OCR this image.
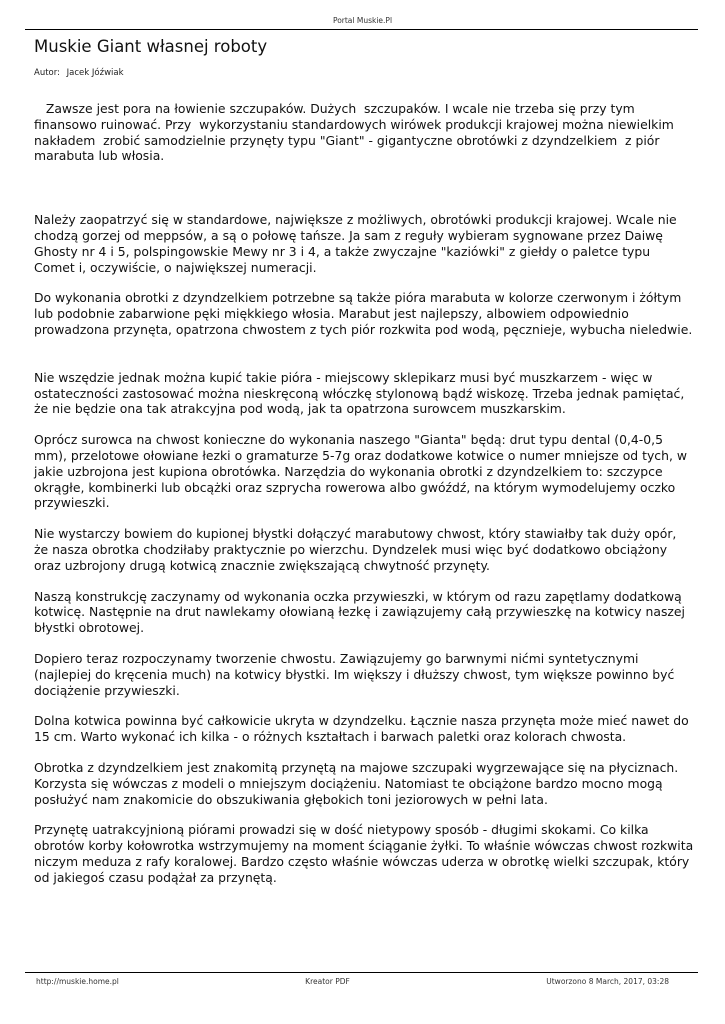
Portal Muskie.Pl
Muskie Giant własnej roboty
Autor: Jacek Jóźwiak

Zawsze jest pora na łowienie szczupaków. Dużych  szczupaków. I wcale nie trzeba się przy tym finansowo ruinować. Przy  wykorzystaniu standardowych wirówek produkcji krajowej można niewielkim nakładem  zrobić samodzielnie przynęty typu "Giant" - gigantyczne obrotówki z dzyndzelkiem  z piór marabuta lub włosia.

Należy zaopatrzyć się w standardowe, największe z możliwych, obrotówki produkcji krajowej. Wcale nie chodzą gorzej od meppsów, a są o połowę tańsze. Ja sam z reguły wybieram sygnowane przez Daiwę Ghosty nr 4 i 5, polspingowskie Mewy nr 3 i 4, a także zwyczajne "kaziówki" z giełdy o paletce typu Comet i, oczywiście, o największej numeracji.

Do wykonania obrotki z dzyndzelkiem potrzebne są także pióra marabuta w kolorze czerwonym i żółtym lub podobnie zabarwione pęki miękkiego włosia. Marabut jest najlepszy, albowiem odpowiednio prowadzona przynęta, opatrzona chwostem z tych piór rozkwita pod wodą, pęcznieje, wybucha nieledwie.

Nie wszędzie jednak można kupić takie pióra - miejscowy sklepikarz musi być muszkarzem - więc w ostateczności zastosować można nieskręconą włóczkę stylonową bądź wiskozę. Trzeba jednak pamiętać, że nie będzie ona tak atrakcyjna pod wodą, jak ta opatrzona surowcem muszkarskim.

Oprócz surowca na chwost konieczne do wykonania naszego "Gianta" będą: drut typu dental (0,4-0,5 mm), przelotowe ołowiane łezki o gramaturze 5-7g oraz dodatkowe kotwice o numer mniejsze od tych, w jakie uzbrojona jest kupiona obrotówka. Narzędzia do wykonania obrotki z dzyndzelkiem to: szczypce okrągłe, kombinerki lub obcążki oraz szprycha rowerowa albo gwóźdź, na którym wymodelujemy oczko przywieszki.

Nie wystarczy bowiem do kupionej błystki dołączyć marabutowy chwost, który stawiałby tak duży opór, że nasza obrotka chodziłaby praktycznie po wierzchu. Dyndzelek musi więc być dodatkowo obciążony oraz uzbrojony drugą kotwicą znacznie zwiększającą chwytność przynęty.

Naszą konstrukcję zaczynamy od wykonania oczka przywieszki, w którym od razu zapętlamy dodatkową kotwicę. Następnie na drut nawlekamy ołowianą łezkę i zawiązujemy całą przywieszkę na kotwicy naszej błystki obrotowej.

Dopiero teraz rozpoczynamy tworzenie chwostu. Zawiązujemy go barwnymi nićmi syntetycznymi (najlepiej do kręcenia much) na kotwicy błystki. Im większy i dłuższy chwost, tym większe powinno być dociążenie przywieszki.

Dolna kotwica powinna być całkowicie ukryta w dzyndzelku. Łącznie nasza przynęta może mieć nawet do 15 cm. Warto wykonać ich kilka - o różnych kształtach i barwach paletki oraz kolorach chwosta.

Obrotka z dzyndzelkiem jest znakomitą przynętą na majowe szczupaki wygrzewające się na płyciznach. Korzysta się wówczas z modeli o mniejszym dociążeniu. Natomiast te obciążone bardzo mocno mogą posłużyć nam znakomicie do obszukiwania głębokich toni jeziorowych w pełni lata.

Przynętę uatrakcyjnioną piórami prowadzi się w dość nietypowy sposób - długimi skokami. Co kilka obrotów korby kołowrotka wstrzymujemy na moment ściąganie żyłki. To właśnie wówczas chwost rozkwita niczym meduza z rafy koralowej. Bardzo często właśnie wówczas uderza w obrotkę wielki szczupak, który od jakiegoś czasu podążał za przynętą.

http://muskie.home.pl	Kreator PDF	Utworzono 8 March, 2017, 03:28
